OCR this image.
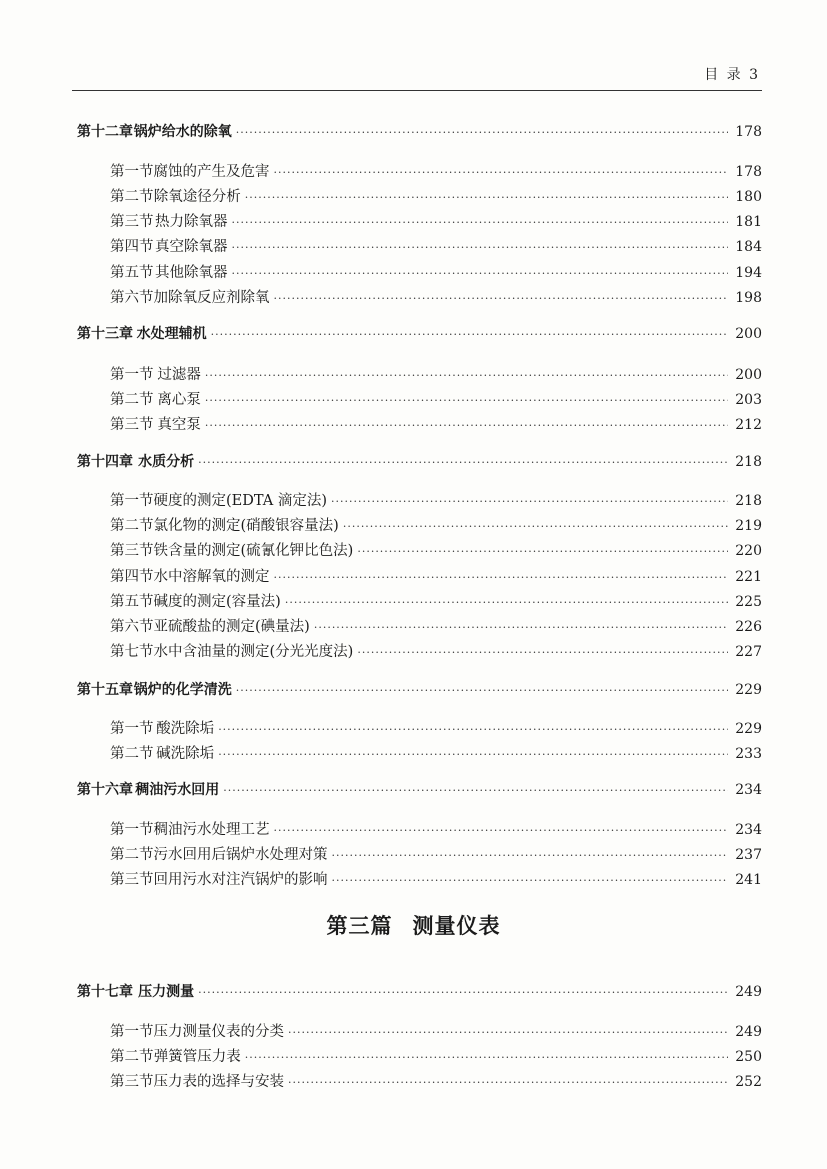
目 录 3
第十二章 锅炉给水的除氧 ·····	178
第一节 腐蚀的产生及危害 ·····	178
第二节 除氧途径分析 ·····	180
第三节 热力除氧器 ·····	181
第四节 真空除氧器 ·····	184
第五节 其他除氧器 ·····	194
第六节 加除氧反应剂除氧 ·····	198
第十三章 水处理辅机 ·····	200
第一节 过滤器 ·····	200
第二节 离心泵 ·····	203
第三节 真空泵 ·····	212
第十四章 水质分析 ·····	218
第一节 硬度的测定(EDTA 滴定法) ·····	218
第二节 氯化物的测定(硝酸银容量法) ·····	219
第三节 铁含量的测定(硫氰化钾比色法) ·····	220
第四节 水中溶解氧的测定 ·····	221
第五节 碱度的测定(容量法) ·····	225
第六节 亚硫酸盐的测定(碘量法) ·····	226
第七节 水中含油量的测定(分光光度法) ·····	227
第十五章 锅炉的化学清洗 ·····	229
第一节 酸洗除垢 ·····	229
第二节 碱洗除垢 ·····	233
第十六章 稠油污水回用 ·····	234
第一节 稠油污水处理工艺 ·····	234
第二节 污水回用后锅炉水处理对策 ·····	237
第三节 回用污水对注汽锅炉的影响 ·····	241
第十七章 压力测量 ·····	249
第一节 压力测量仪表的分类 ·····	249
第二节 弹簧管压力表 ·····	250
第三节 压力表的选择与安装 ·····	252
第三篇 测量仪表
